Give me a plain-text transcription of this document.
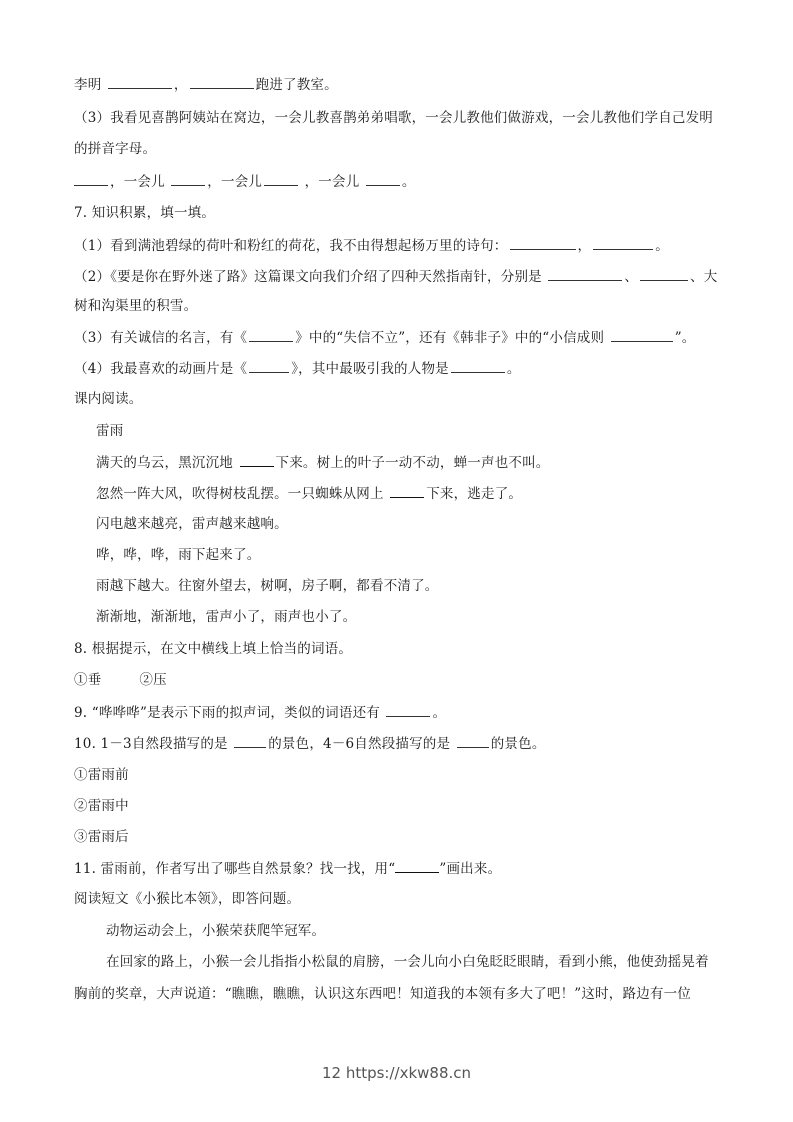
李明	，	跑进了教室。
（3）我看见喜鹊阿姨站在窝边，一会儿教喜鹊弟弟唱歌，一会儿教他们做游戏，一会儿教他们学自己发明
的拼音字母。
，一会儿	，一会儿	，一会儿	。
7. 知识积累，填一填。
（1）看到满池碧绿的荷叶和粉红的荷花，我不由得想起杨万里的诗句：	，	。
（2）《要是你在野外迷了路》这篇课文向我们介绍了四种天然指南针，分别是	、	、大
树和沟渠里的积雪。
（3）有关诚信的名言，有《	》中的“失信不立”，还有《韩非子》中的“小信成则	”。
（4）我最喜欢的动画片是《	》，其中最吸引我的人物是	。
课内阅读。
雷雨
满天的乌云，黑沉沉地	下来。树上的叶子一动不动，蝉一声也不叫。
忽然一阵大风，吹得树枝乱摆。一只蜘蛛从网上	下来，逃走了。
闪电越来越亮，雷声越来越响。
哗，哗，哗，雨下起来了。
雨越下越大。往窗外望去，树啊，房子啊，都看不清了。
渐渐地，渐渐地，雷声小了，雨声也小了。
8. 根据提示，在文中横线上填上恰当的词语。
①垂	②压
9. “哗哗哗”是表示下雨的拟声词，类似的词语还有	。
10. 1－3自然段描写的是	的景色，4－6自然段描写的是	的景色。
①雷雨前
②雷雨中
③雷雨后
11. 雷雨前，作者写出了哪些自然景象？找一找，用“	”画出来。
阅读短文《小猴比本领》，即答问题。
动物运动会上，小猴荣获爬竿冠军。
在回家的路上，小猴一会儿指指小松鼠的肩膀，一会儿向小白兔眨眨眼睛，看到小熊，他使劲摇晃着
胸前的奖章，大声说道：“瞧瞧，瞧瞧，认识这东西吧！知道我的本领有多大了吧！”这时，路边有一位
12 https://xkw88.cn
